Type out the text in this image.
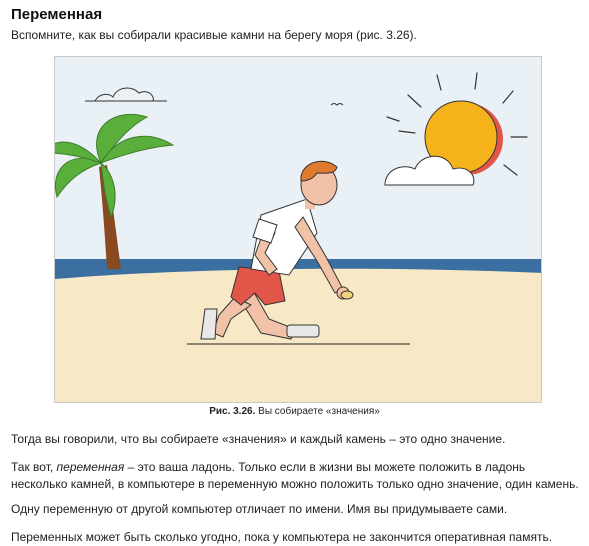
Переменная
Вспомните, как вы собирали красивые камни на берегу моря (рис. 3.26).
Рис. 3.26. Вы собираете «значения»
Тогда вы говорили, что вы собираете «значения» и каждый камень – это одно значение.
Так вот, переменная – это ваша ладонь. Только если в жизни вы можете положить в ладонь несколько камней, в компьютере в переменную можно положить только одно значение, один камень.
Одну переменную от другой компьютер отличает по имени. Имя вы придумываете сами.
Переменных может быть сколько угодно, пока у компьютера не закончится оперативная память.
